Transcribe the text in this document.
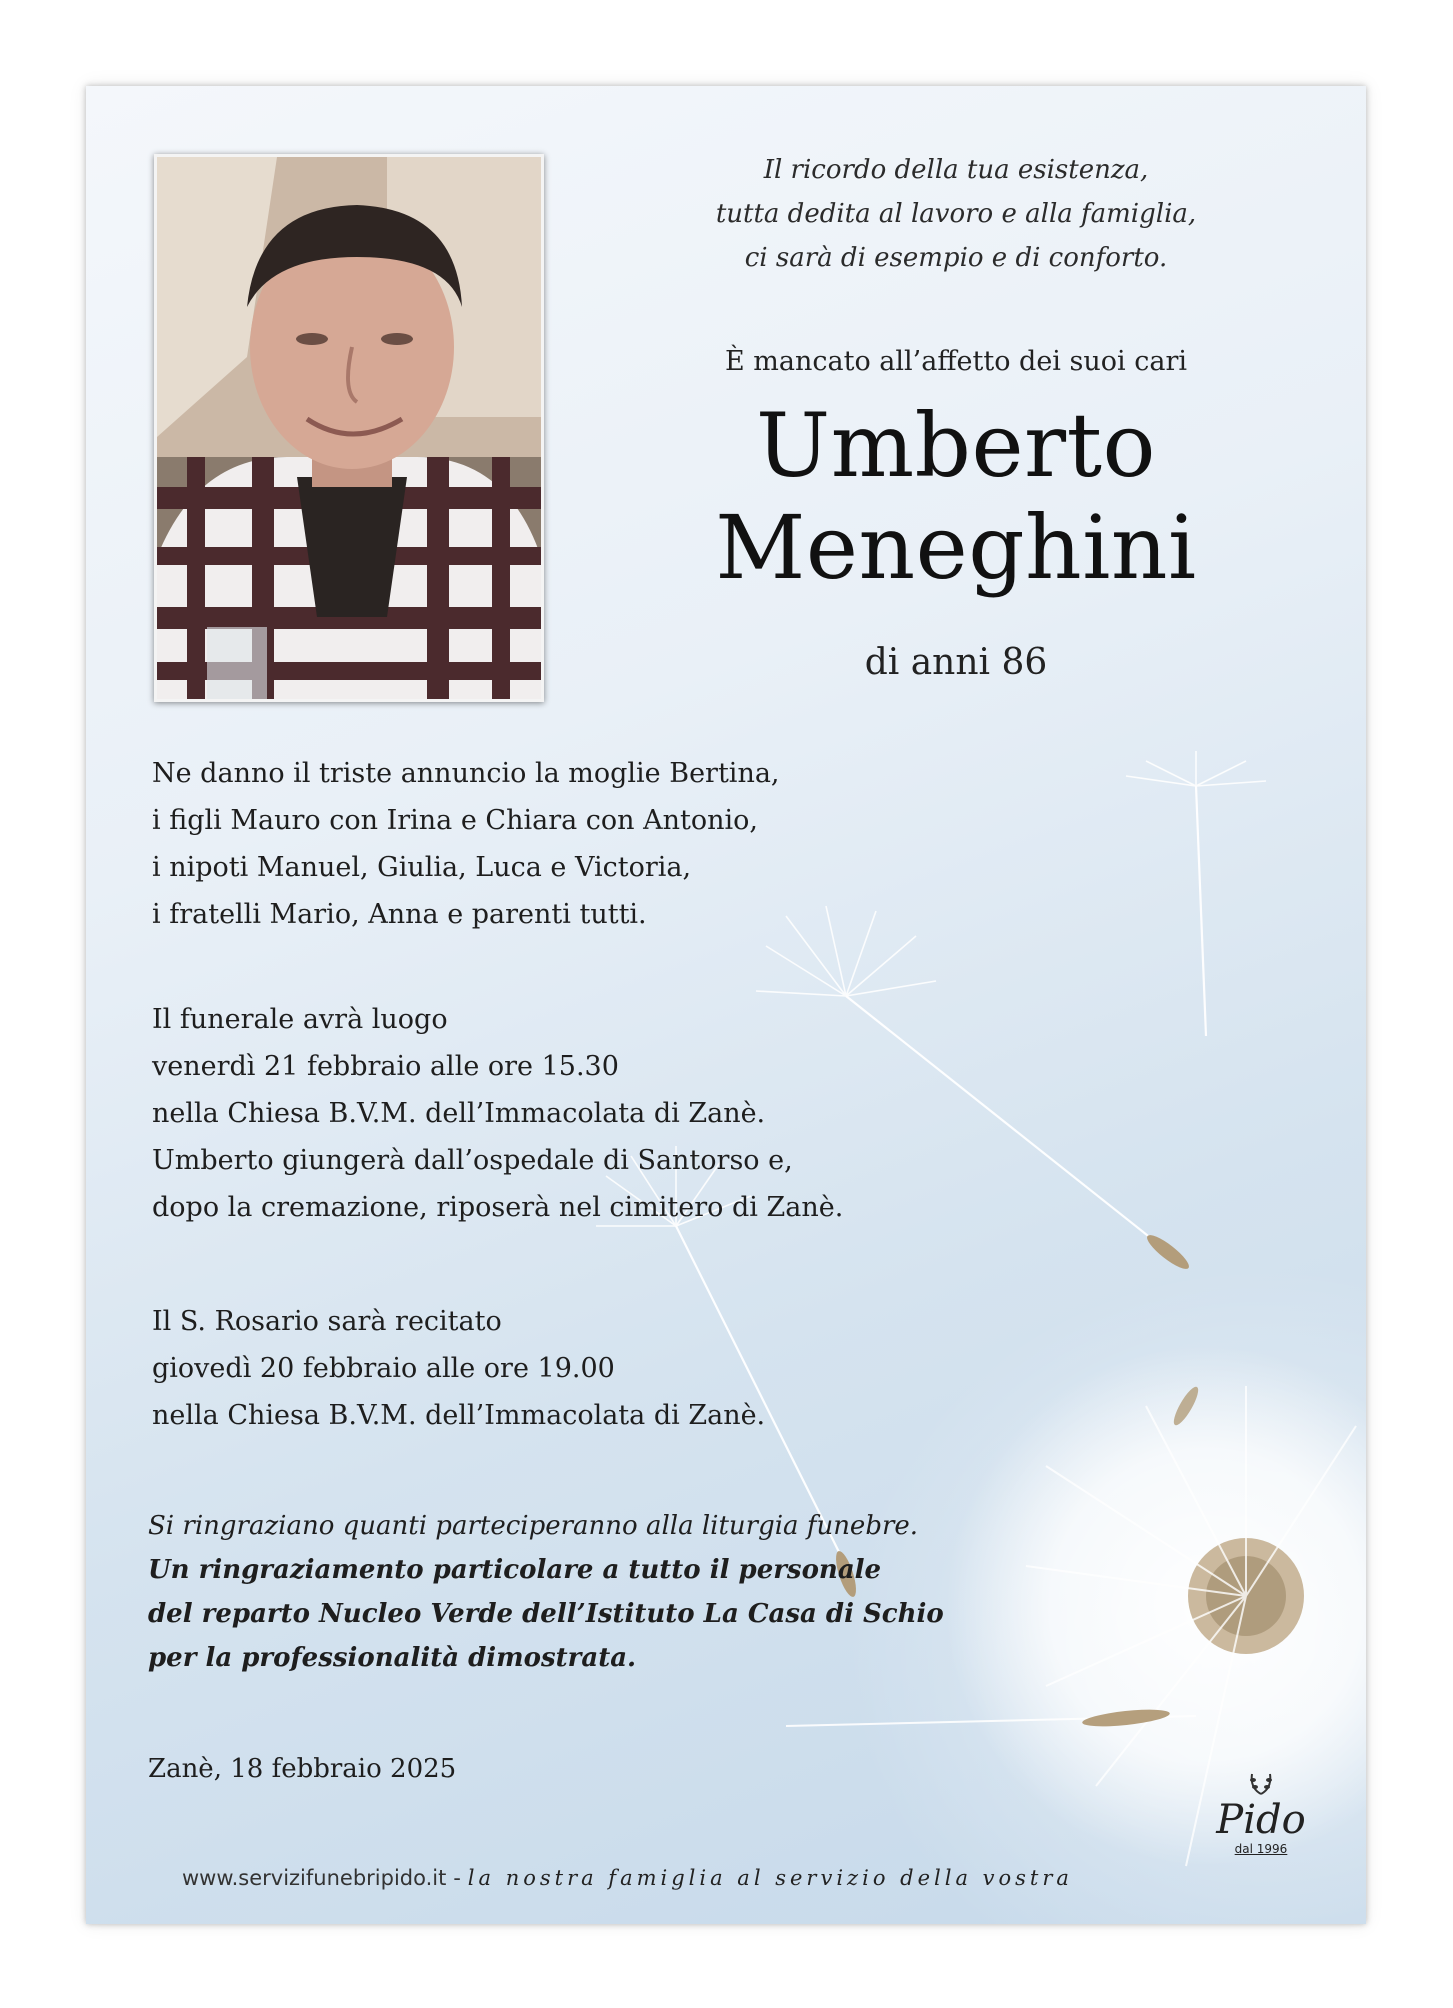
Il ricordo della tua esistenza,
tutta dedita al lavoro e alla famiglia,
ci sarà di esempio e di conforto.
È mancato all’affetto dei suoi cari
Umberto
Meneghini
di anni 86
Ne danno il triste annuncio la moglie Bertina,
i figli Mauro con Irina e Chiara con Antonio,
i nipoti Manuel, Giulia, Luca e Victoria,
i fratelli Mario, Anna e parenti tutti.
Il funerale avrà luogo
venerdì 21 febbraio alle ore 15.30
nella Chiesa B.V.M. dell’Immacolata di Zanè.
Umberto giungerà dall’ospedale di Santorso e,
dopo la cremazione, riposerà nel cimitero di Zanè.
Il S. Rosario sarà recitato
giovedì 20 febbraio alle ore 19.00
nella Chiesa B.V.M. dell’Immacolata di Zanè.
Si ringraziano quanti parteciperanno alla liturgia funebre.
Un ringraziamento particolare a tutto il personale
del reparto Nucleo Verde dell’Istituto La Casa di Schio
per la professionalità dimostrata.
Zanè, 18 febbraio 2025
www.servizifunebripido.it - la nostra famiglia al servizio della vostra
Pido
dal 1996
